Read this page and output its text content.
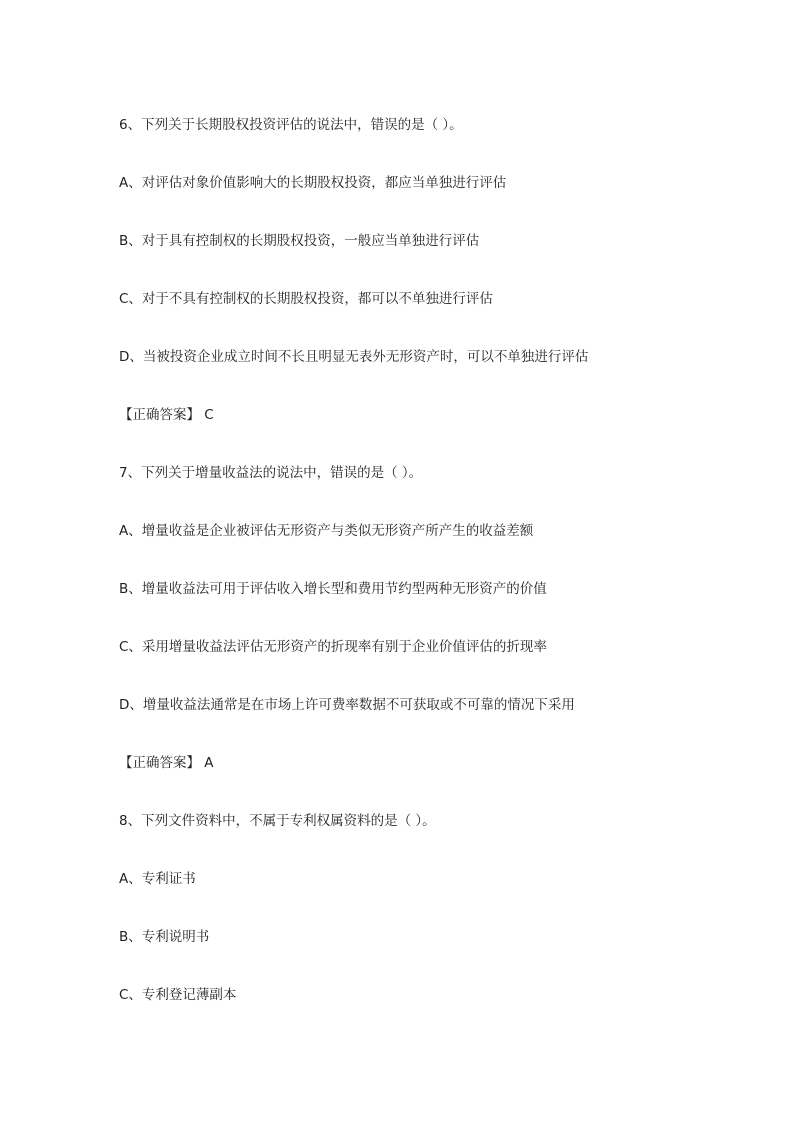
6、下列关于长期股权投资评估的说法中，错误的是（ ）。

A、对评估对象价值影响大的长期股权投资，都应当单独进行评估

B、对于具有控制权的长期股权投资，一般应当单独进行评估

C、对于不具有控制权的长期股权投资，都可以不单独进行评估

D、当被投资企业成立时间不长且明显无表外无形资产时，可以不单独进行评估

【正确答案】 C

7、下列关于增量收益法的说法中，错误的是（ ）。

A、增量收益是企业被评估无形资产与类似无形资产所产生的收益差额

B、增量收益法可用于评估收入增长型和费用节约型两种无形资产的价值

C、采用增量收益法评估无形资产的折现率有别于企业价值评估的折现率

D、增量收益法通常是在市场上许可费率数据不可获取或不可靠的情况下采用

【正确答案】 A

8、下列文件资料中，不属于专利权属资料的是（ ）。

A、专利证书

B、专利说明书

C、专利登记薄副本
